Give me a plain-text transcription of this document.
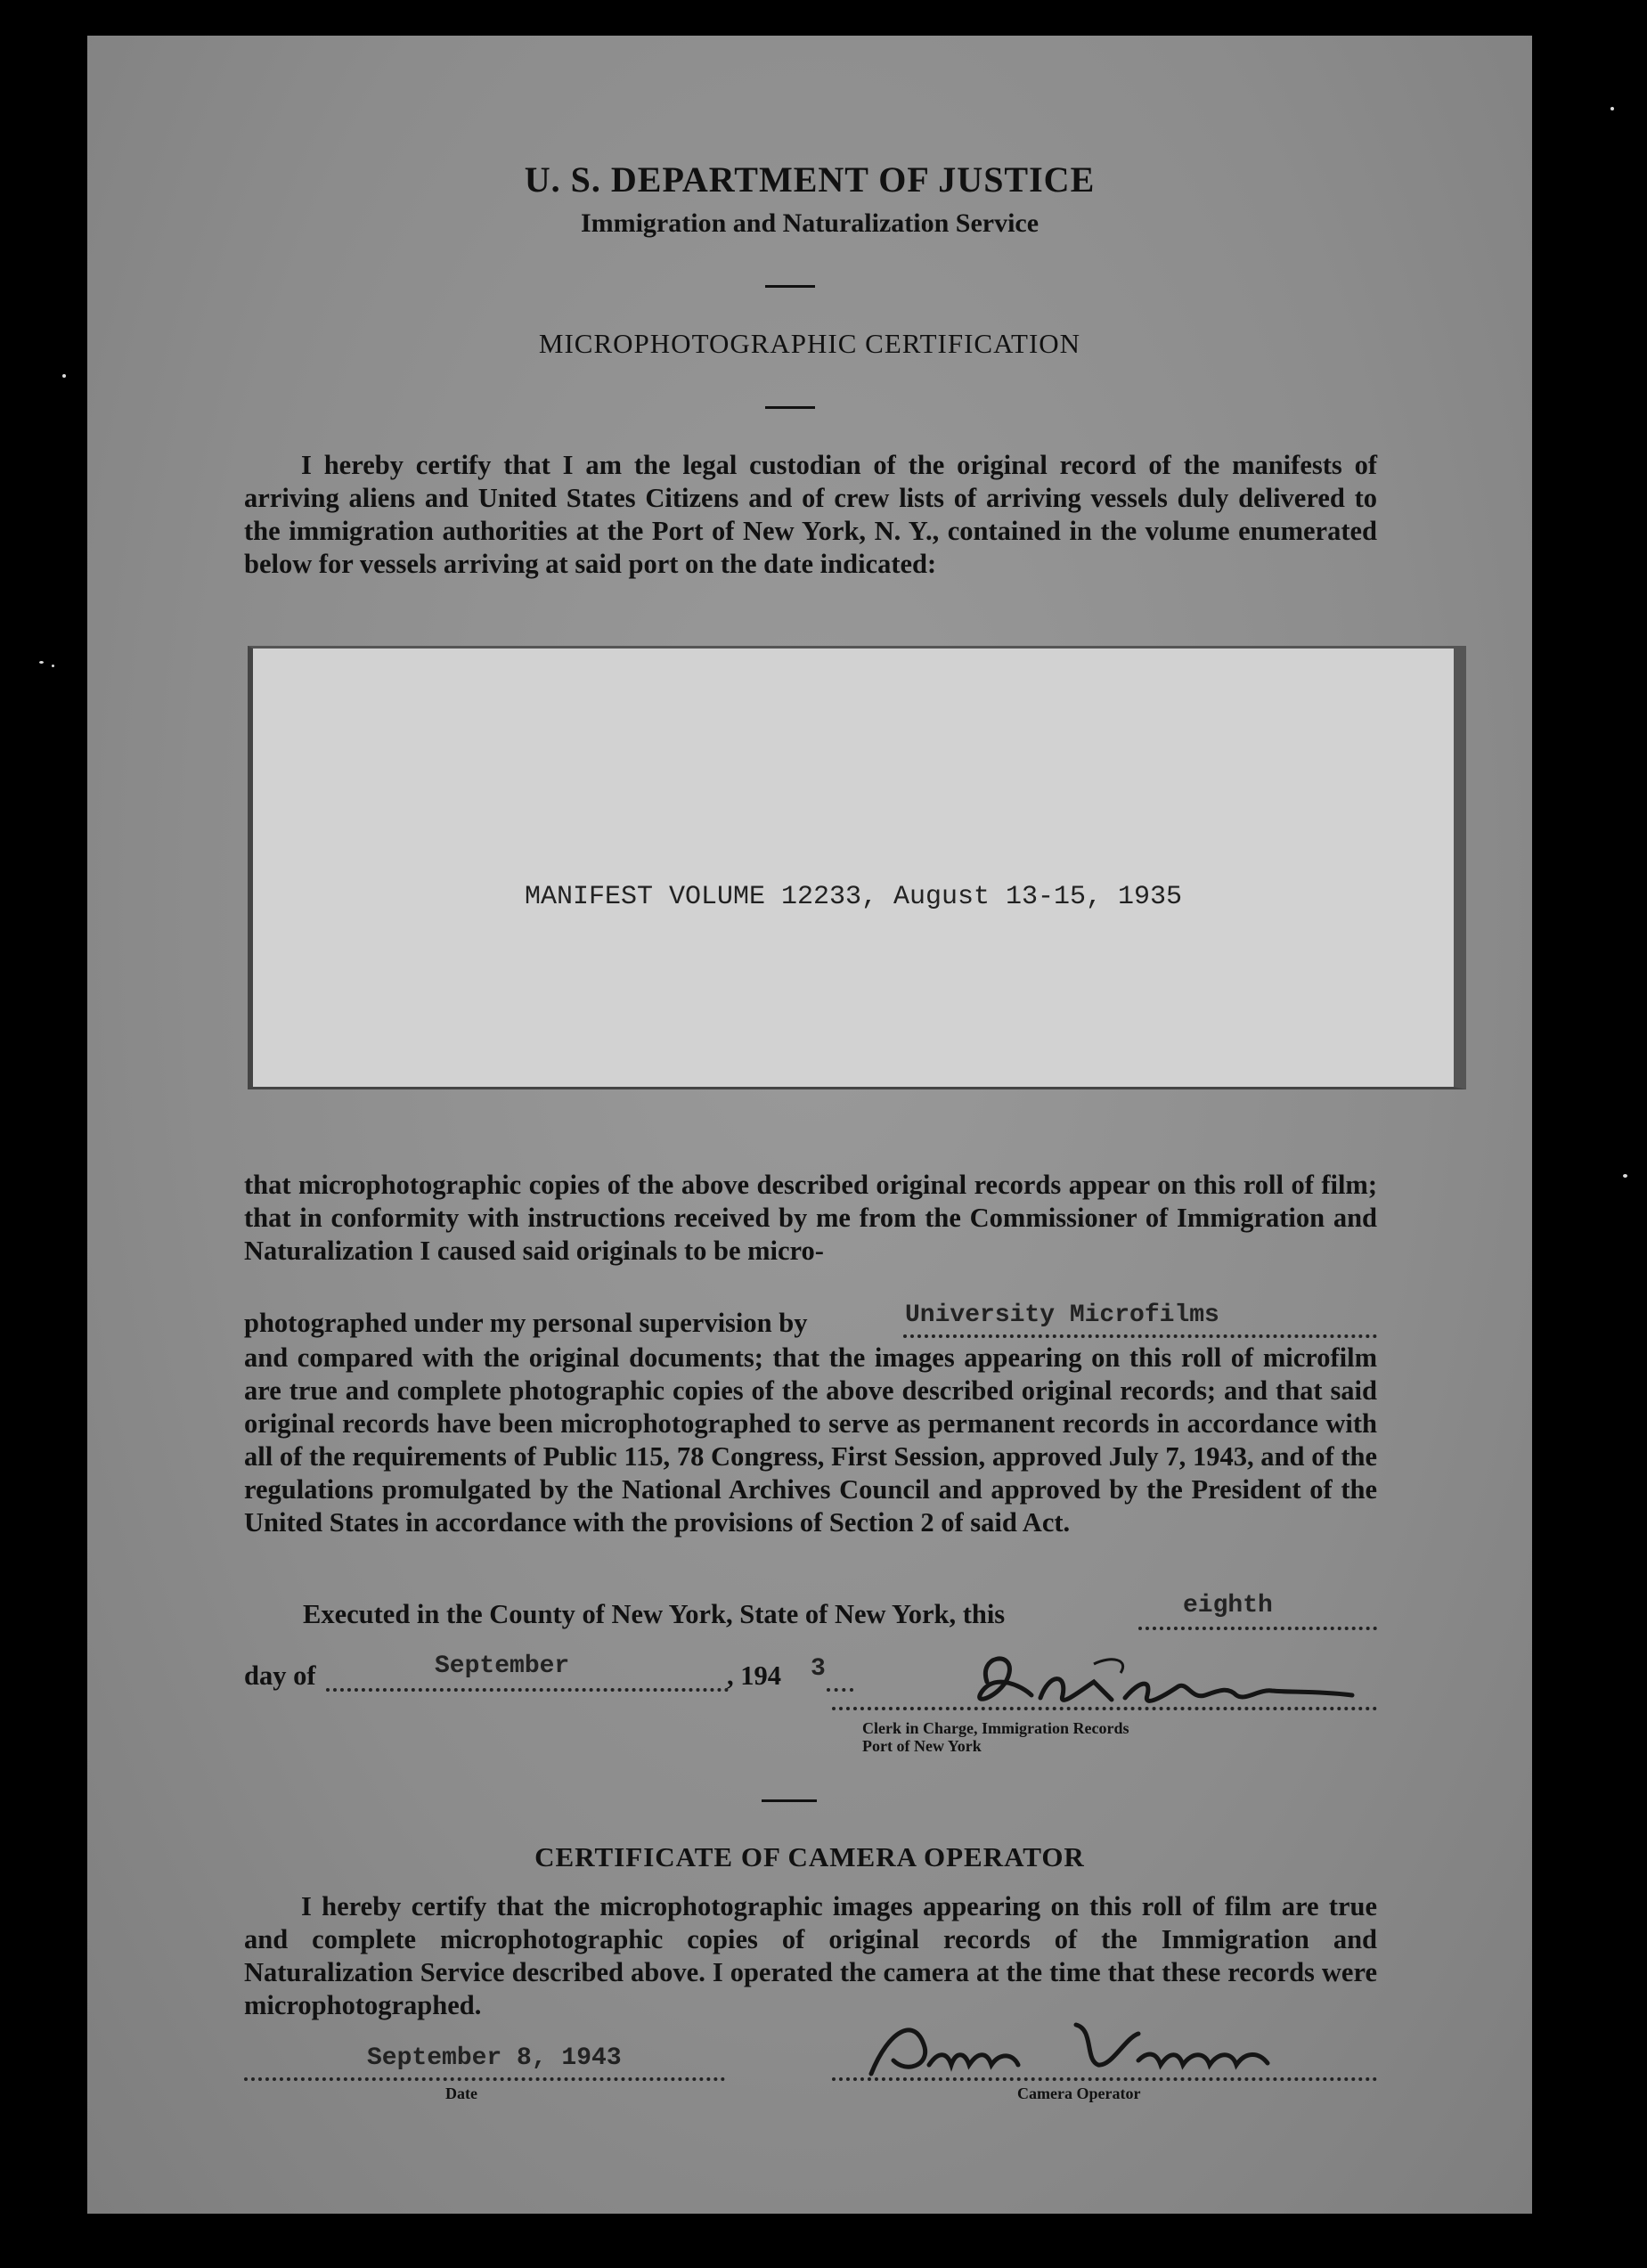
U. S. DEPARTMENT OF JUSTICE
Immigration and Naturalization Service
MICROPHOTOGRAPHIC CERTIFICATION
I hereby certify that I am the legal custodian of the original record of the manifests of arriving aliens and United States Citizens and of crew lists of arriving vessels duly delivered to the immigration authorities at the Port of New York, N. Y., contained in the volume enumerated below for vessels arriving at said port on the date indicated:
MANIFEST VOLUME 12233, August 13-15, 1935
that microphotographic copies of the above described original records appear on this roll of film; that in conformity with instructions received by me from the Commissioner of Immigration and Naturalization I caused said originals to be micro-
photographed under my personal supervision by	University Microfilms
and compared with the original documents; that the images appearing on this roll of microfilm are true and complete photographic copies of the above described original records; and that said original records have been microphotographed to serve as permanent records in accordance with all of the requirements of Public 115, 78 Congress, First Session, approved July 7, 1943, and of the regulations promulgated by the National Archives Council and approved by the President of the United States in accordance with the provisions of Section 2 of said Act.
Executed in the County of New York, State of New York, this	eighth
day of	September	, 194 3
Clerk in Charge, Immigration Records
Port of New York
CERTIFICATE OF CAMERA OPERATOR
I hereby certify that the microphotographic images appearing on this roll of film are true and complete microphotographic copies of original records of the Immigration and Naturalization Service described above. I operated the camera at the time that these records were microphotographed.
September 8, 1943
Date	Camera Operator
